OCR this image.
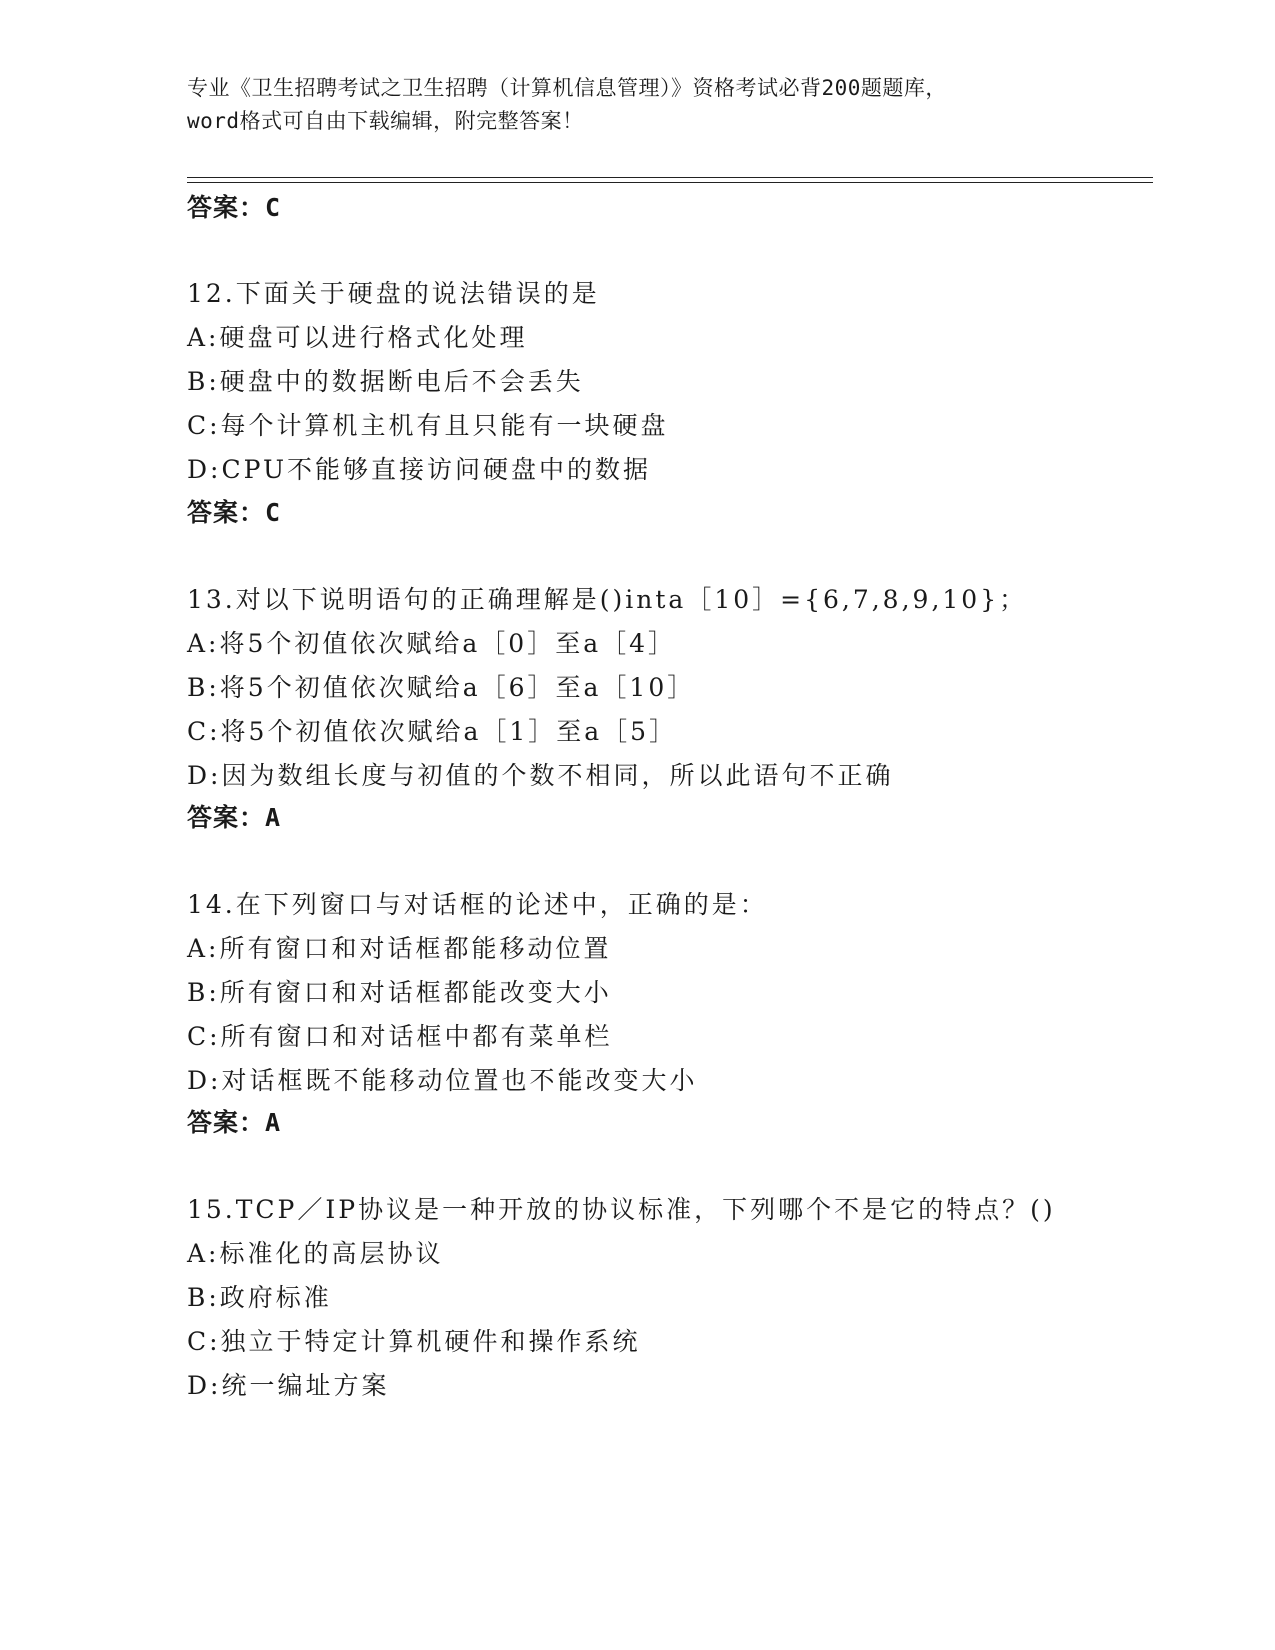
专业《卫生招聘考试之卫生招聘（计算机信息管理）》资格考试必背200题题库，
word格式可自由下载编辑，附完整答案！
答案：C
12.下面关于硬盘的说法错误的是
A:硬盘可以进行格式化处理
B:硬盘中的数据断电后不会丢失
C:每个计算机主机有且只能有一块硬盘
D:CPU不能够直接访问硬盘中的数据
答案：C
13.对以下说明语句的正确理解是()inta［10］={6,7,8,9,10}；
A:将5个初值依次赋给a［0］至a［4］
B:将5个初值依次赋给a［6］至a［10］
C:将5个初值依次赋给a［1］至a［5］
D:因为数组长度与初值的个数不相同，所以此语句不正确
答案：A
14.在下列窗口与对话框的论述中，正确的是：
A:所有窗口和对话框都能移动位置
B:所有窗口和对话框都能改变大小
C:所有窗口和对话框中都有菜单栏
D:对话框既不能移动位置也不能改变大小
答案：A
15.TCP／IP协议是一种开放的协议标准，下列哪个不是它的特点？()
A:标准化的高层协议
B:政府标准
C:独立于特定计算机硬件和操作系统
D:统一编址方案
